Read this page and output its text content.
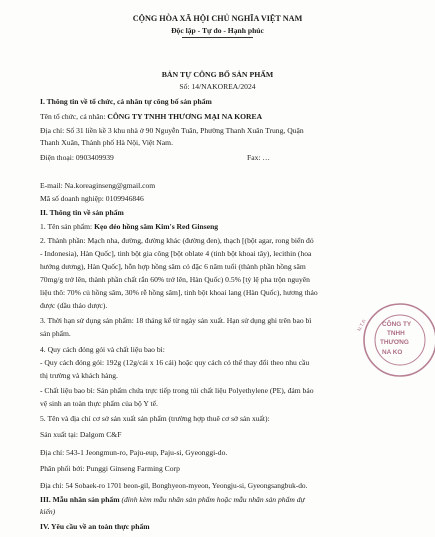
CỘNG HÒA XÃ HỘI CHỦ NGHĨA VIỆT NAM
Độc lập - Tự do - Hạnh phúc
BẢN TỰ CÔNG BỐ SẢN PHẨM
Số: 14/NAKOREA/2024
I. Thông tin về tổ chức, cá nhân tự công bố sản phẩm
Tên tổ chức, cá nhân: CÔNG TY TNHH THƯƠNG MẠI NA KOREA
Địa chỉ: Số 31 liền kề 3 khu nhà ở 90 Nguyễn Tuân, Phường Thanh Xuân Trung, Quận
Thanh Xuân, Thành phố Hà Nội, Việt Nam.
Điện thoại: 0903409939	Fax: …
E-mail: Na.koreaginseng@gmail.com
Mã số doanh nghiệp: 0109946846
II. Thông tin về sản phẩm
1. Tên sản phẩm: Kẹo dẻo hồng sâm Kim's Red Ginseng
2. Thành phần: Mạch nha, đường, đường khác (đường đen), thạch [(bột agar, rong biển đỏ
- Indonesia), Hàn Quốc], tinh bột gia công [bột oblate 4 (tinh bột khoai tây), lecithin (hoa
hướng dương), Hàn Quốc], hỗn hợp hồng sâm có đặc 6 năm tuổi (thành phần hồng sâm
70mg/g trở lên, thành phần chất rắn 60% trở lên, Hàn Quốc) 0.5% [tỷ lệ pha trộn nguyên
liệu thô: 70% củ hồng sâm, 30% rễ hồng sâm], tinh bột khoai lang (Hàn Quốc), hương thảo
được (dầu thảo dược).
3. Thời hạn sử dụng sản phẩm: 18 tháng kể từ ngày sản xuất. Hạn sử dụng ghi trên bao bì
sản phẩm.
4. Quy cách đóng gói và chất liệu bao bì:
- Quy cách đóng gói: 192g (12g/cái x 16 cái) hoặc quy cách có thể thay đổi theo nhu cầu
thị trường và khách hàng.
- Chất liệu bao bì: Sản phẩm chứa trực tiếp trong túi chất liệu Polyethylene (PE), đảm bảo
vệ sinh an toàn thực phẩm của bộ Y tế.
5. Tên và địa chỉ cơ sở sản xuất sản phẩm (trường hợp thuê cơ sở sản xuất):
Sản xuất tại: Dalgom C&F
Địa chỉ: 543-1 Jeongmun-ro, Paju-eup, Paju-si, Gyeonggi-do.
Phân phối bởi: Punggi Ginseng Farming Corp
Địa chỉ: 54 Sobaek-ro 1701 beon-gil, Bonghyeon-myeon, Yeongju-si, Gyeongsangbuk-do.
III. Mẫu nhãn sản phẩm (đính kèm mẫu nhãn sản phẩm hoặc mẫu nhãn sản phẩm dự
kiến)
IV. Yêu cầu về an toàn thực phẩm
N.T.P. CÔNG TY
TNHH
THƯƠNG
NA KO
